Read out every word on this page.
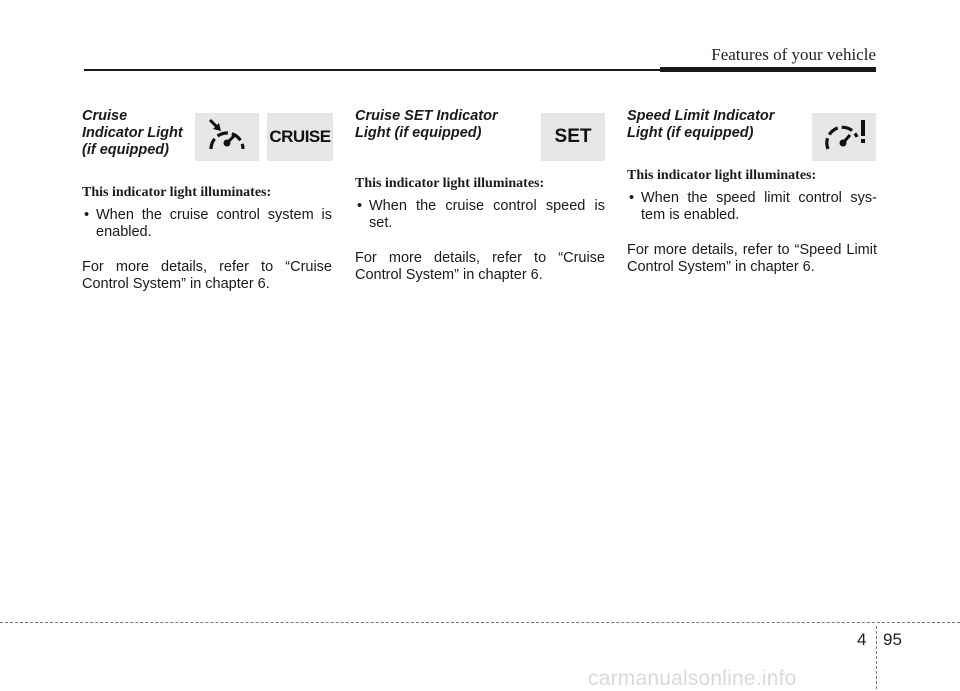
Features of your vehicle
Cruise
Indicator Light
(if equipped)

This indicator light illuminates:

• When the cruise control system is enabled.
For more details, refer to “Cruise Control System” in chapter 6.
CRUISE
Cruise SET Indicator
Light (if equipped)

This indicator light illuminates:

• When the cruise control speed is set.
For more details, refer to “Cruise Control System” in chapter 6.
SET
Speed Limit Indicator
Light (if equipped)

This indicator light illuminates:

• When the speed limit control sys-tem is enabled.
For more details, refer to “Speed Limit Control System” in chapter 6.
4 95
carmanualsonline.info
